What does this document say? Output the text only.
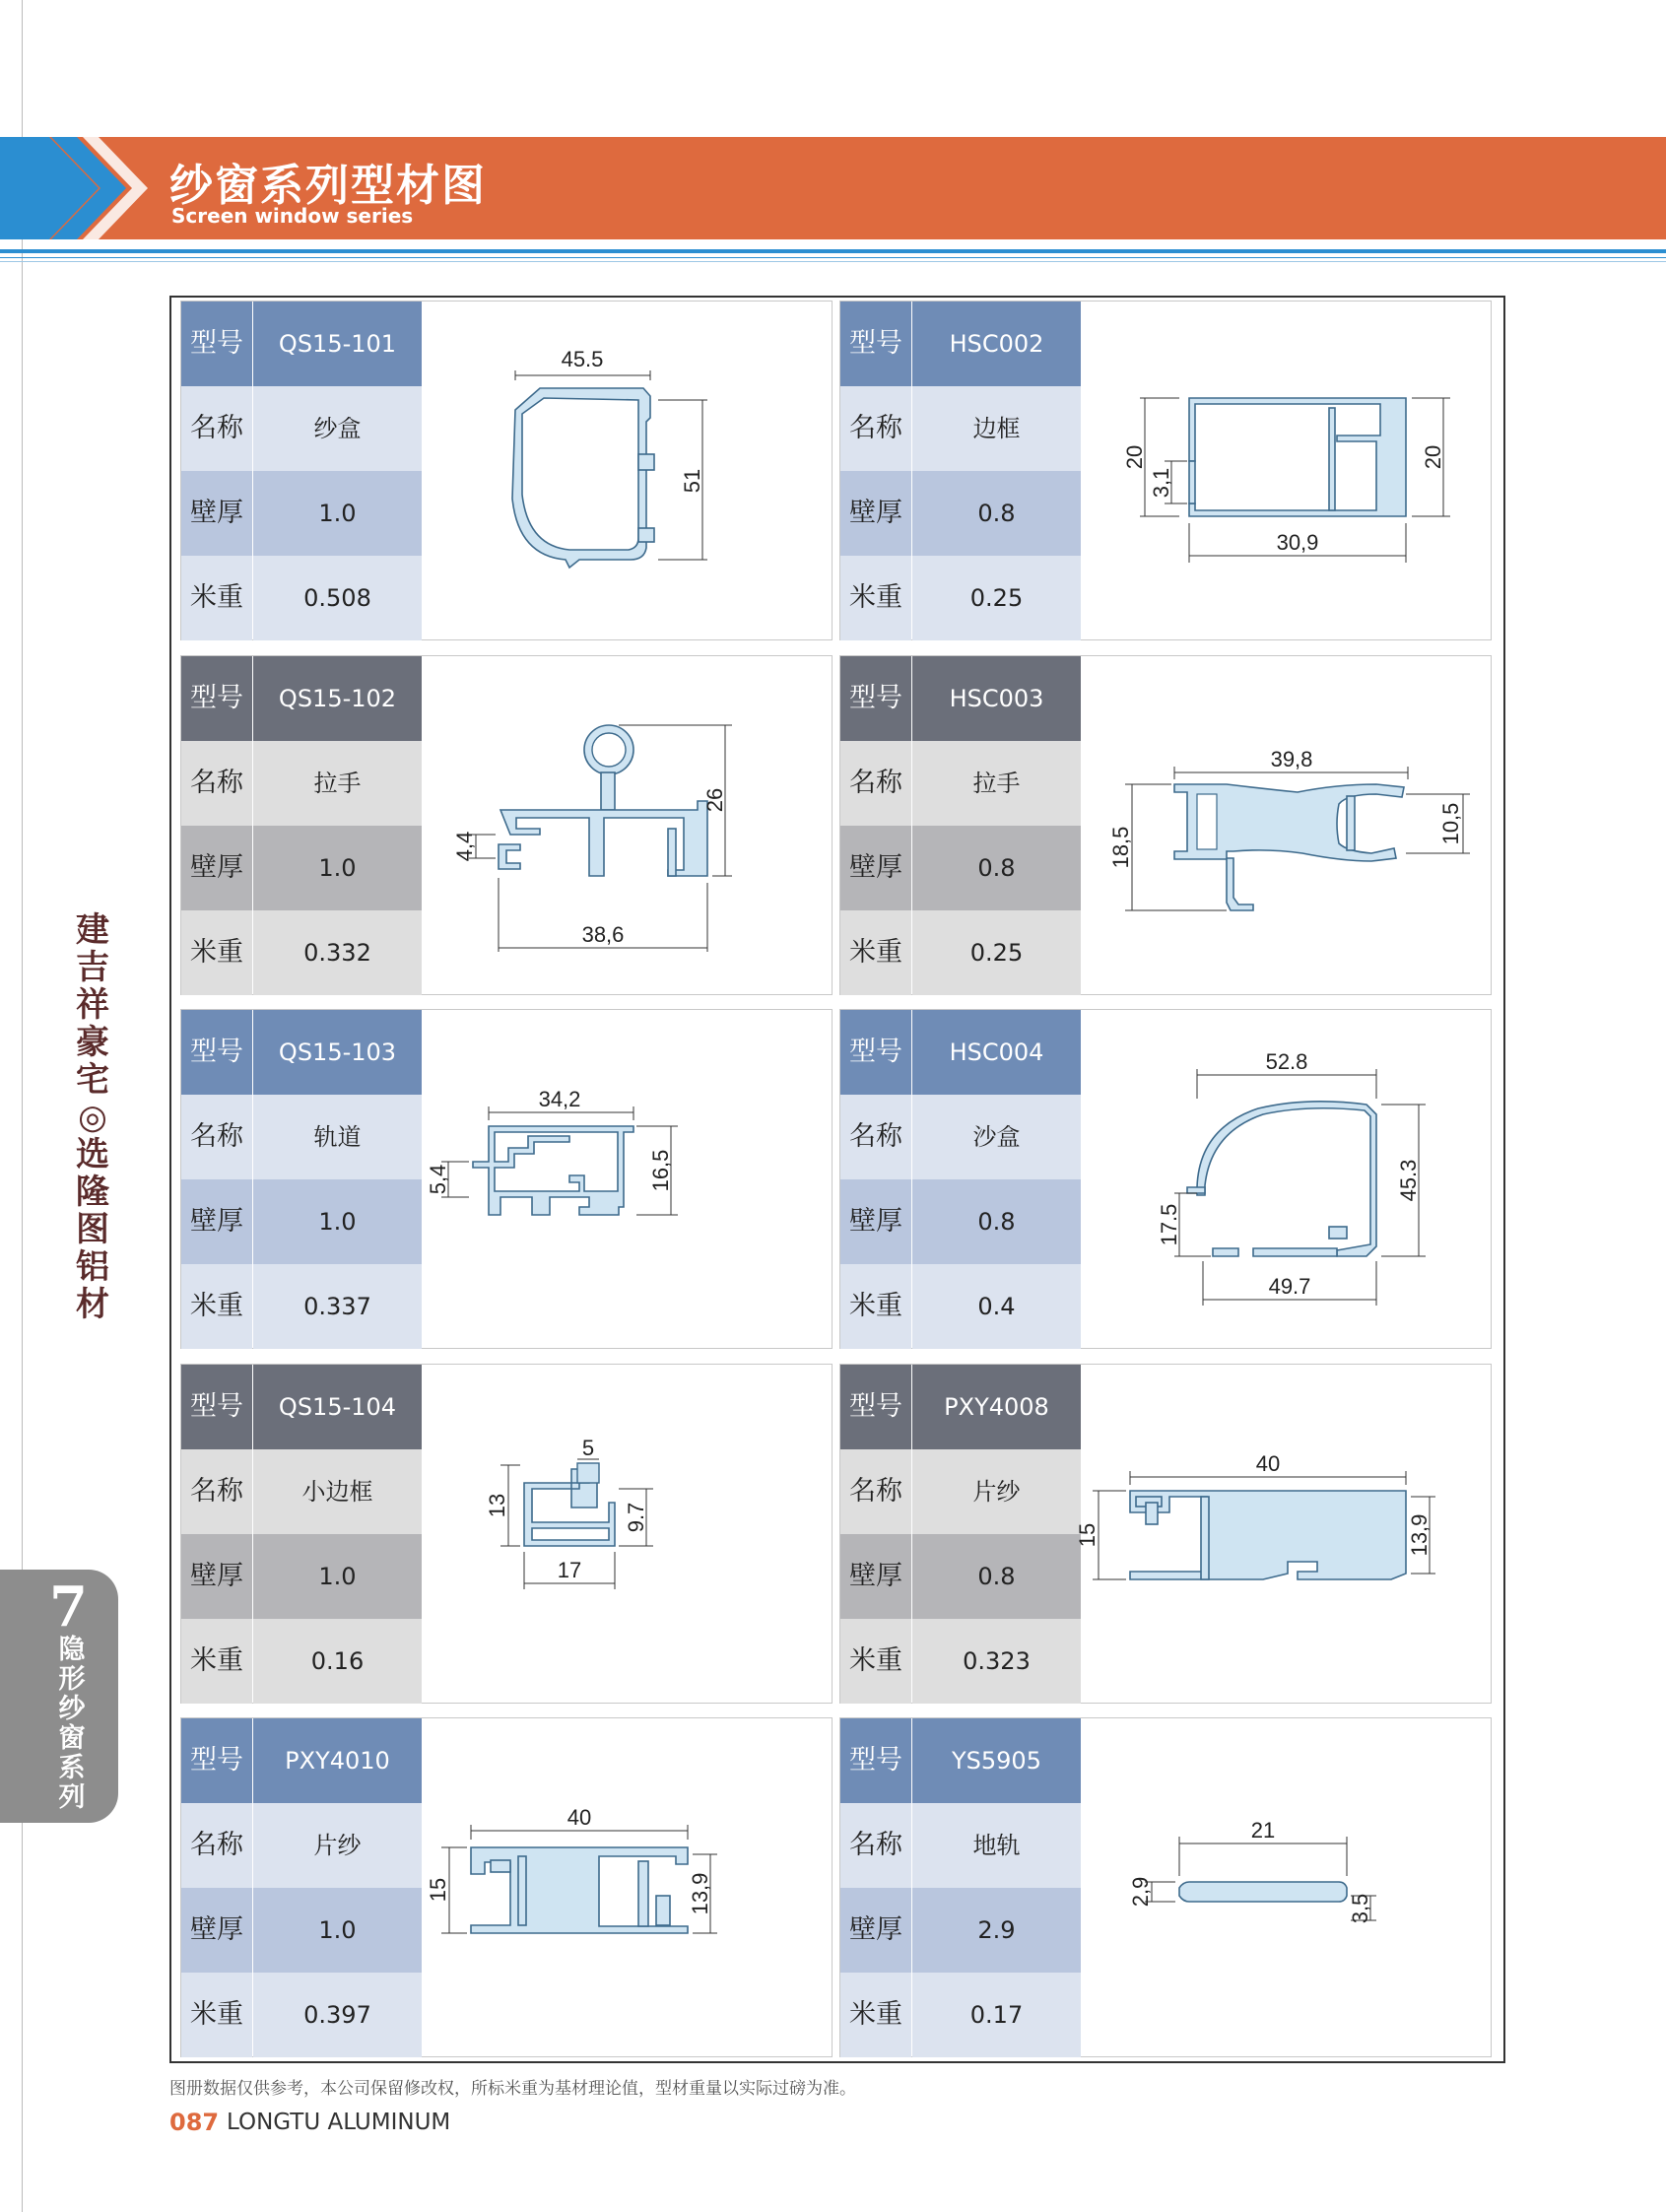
纱窗系列型材图
Screen window series
建吉祥豪宅◎选隆图铝材
7
隐形纱窗系列
型号	QS15-101
名称	纱盒
壁厚	1.0
米重	0.508
45.5
51
型号	HSC002
名称	边框
壁厚	0.8
米重	0.25
20
3,1
20
30,9
型号	QS15-102
名称	拉手
壁厚	1.0
米重	0.332
26
4,4
38,6
型号	HSC003
名称	拉手
壁厚	0.8
米重	0.25
39,8
18,5
10,5
型号	QS15-103
名称	轨道
壁厚	1.0
米重	0.337
34,2
5,4	16,5
型号	HSC004
名称	沙盒
壁厚	0.8
米重	0.4
52.8
17.5
45.3
49.7
型号	QS15-104
名称	小边框
壁厚	1.0
米重	0.16
5
13	9.7
17
型号	PXY4008
名称	片纱
壁厚	0.8
米重	0.323
40
15	13,9
型号	PXY4010
名称	片纱
壁厚	1.0
米重	0.397
40
15	13,9
型号	YS5905
名称	地轨
壁厚	2.9
米重	0.17
21
2,9
3,5
图册数据仅供参考，本公司保留修改权，所标米重为基材理论值，型材重量以实际过磅为准。
087 LONGTU ALUMINUM
